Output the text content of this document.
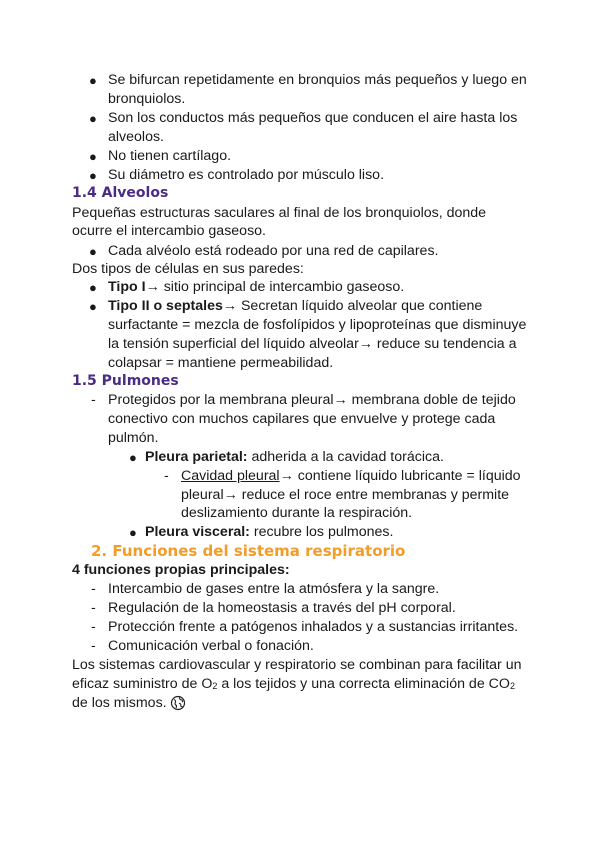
● Se bifurcan repetidamente en bronquios más pequeños y luego en
bronquiolos.
● Son los conductos más pequeños que conducen el aire hasta los
alveolos.
● No tienen cartílago.
● Su diámetro es controlado por músculo liso.
1.4 Alveolos
Pequeñas estructuras saculares al final de los bronquiolos, donde
ocurre el intercambio gaseoso.
● Cada alvéolo está rodeado por una red de capilares.
Dos tipos de células en sus paredes:
● Tipo I→ sitio principal de intercambio gaseoso.
● Tipo II o septales→ Secretan líquido alveolar que contiene
surfactante = mezcla de fosfolípidos y lipoproteínas que disminuye
la tensión superficial del líquido alveolar→ reduce su tendencia a
colapsar = mantiene permeabilidad.
1.5 Pulmones
- Protegidos por la membrana pleural→ membrana doble de tejido
conectivo con muchos capilares que envuelve y protege cada
pulmón.
● Pleura parietal: adherida a la cavidad torácica.
- Cavidad pleural→ contiene líquido lubricante = líquido
pleural→ reduce el roce entre membranas y permite
deslizamiento durante la respiración.
● Pleura visceral: recubre los pulmones.
2. Funciones del sistema respiratorio
4 funciones propias principales:
- Intercambio de gases entre la atmósfera y la sangre.
- Regulación de la homeostasis a través del pH corporal.
- Protección frente a patógenos inhalados y a sustancias irritantes.
- Comunicación verbal o fonación.
Los sistemas cardiovascular y respiratorio se combinan para facilitar un
eficaz suministro de $O_2$ a los tejidos y una correcta eliminación de $CO_2$
de los mismos.
